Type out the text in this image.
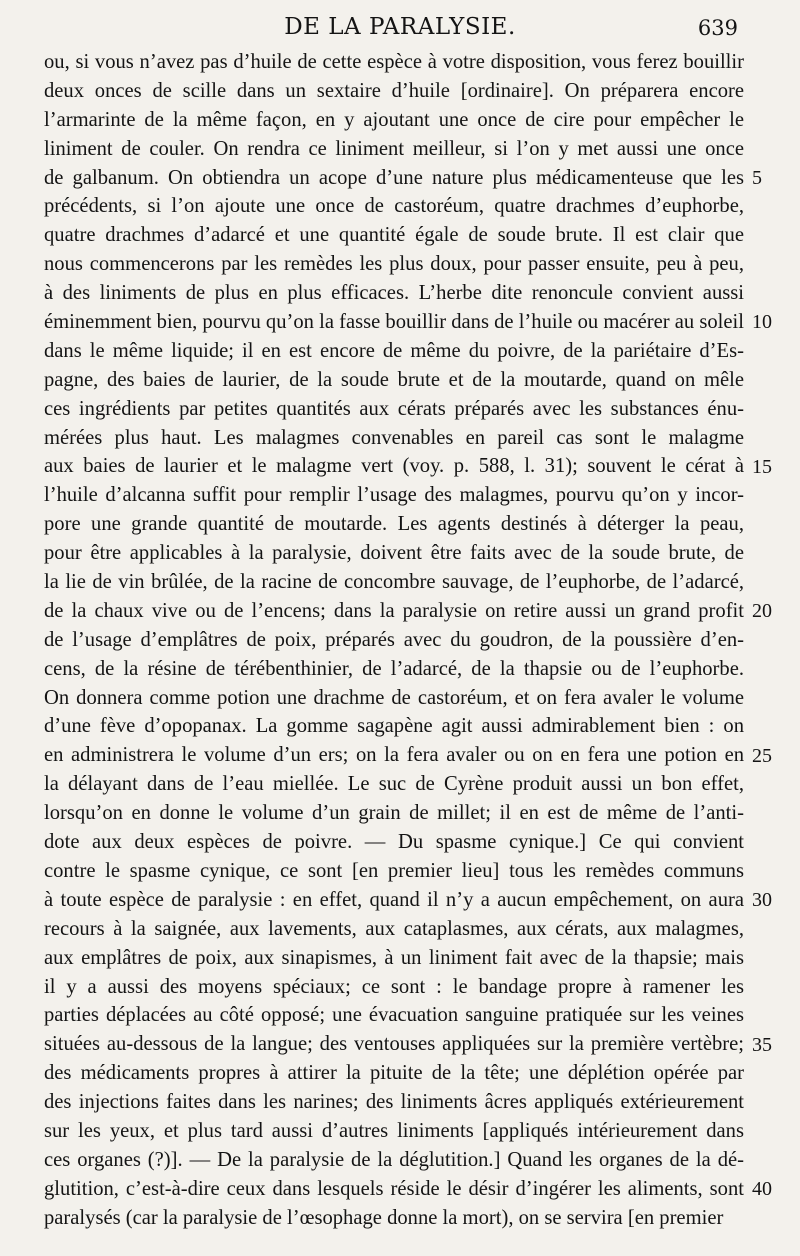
DE LA PARALYSIE.	639
ou, si vous n’avez pas d’huile de cette espèce à votre disposition, vous ferez bouillir
deux onces de scille dans un sextaire d’huile [ordinaire]. On préparera encore
l’armarinte de la même façon, en y ajoutant une once de cire pour empêcher le
liniment de couler. On rendra ce liniment meilleur, si l’on y met aussi une once
de galbanum. On obtiendra un acope d’une nature plus médicamenteuse que les
précédents, si l’on ajoute une once de castoréum, quatre drachmes d’euphorbe,
quatre drachmes d’adarcé et une quantité égale de soude brute. Il est clair que
nous commencerons par les remèdes les plus doux, pour passer ensuite, peu à peu,
à des liniments de plus en plus efficaces. L’herbe dite renoncule convient aussi
éminemment bien, pourvu qu’on la fasse bouillir dans de l’huile ou macérer au soleil
dans le même liquide; il en est encore de même du poivre, de la pariétaire d’Es-
pagne, des baies de laurier, de la soude brute et de la moutarde, quand on mêle
ces ingrédients par petites quantités aux cérats préparés avec les substances énu-
mérées plus haut. Les malagmes convenables en pareil cas sont le malagme
aux baies de laurier et le malagme vert (voy. p. 588, l. 31); souvent le cérat à
l’huile d’alcanna suffit pour remplir l’usage des malagmes, pourvu qu’on y incor-
pore une grande quantité de moutarde. Les agents destinés à déterger la peau,
pour être applicables à la paralysie, doivent être faits avec de la soude brute, de
la lie de vin brûlée, de la racine de concombre sauvage, de l’euphorbe, de l’adarcé,
de la chaux vive ou de l’encens; dans la paralysie on retire aussi un grand profit
de l’usage d’emplâtres de poix, préparés avec du goudron, de la poussière d’en-
cens, de la résine de térébenthinier, de l’adarcé, de la thapsie ou de l’euphorbe.
On donnera comme potion une drachme de castoréum, et on fera avaler le volume
d’une fève d’opopanax. La gomme sagapène agit aussi admirablement bien : on
en administrera le volume d’un ers; on la fera avaler ou on en fera une potion en
la délayant dans de l’eau miellée. Le suc de Cyrène produit aussi un bon effet,
lorsqu’on en donne le volume d’un grain de millet; il en est de même de l’anti-
dote aux deux espèces de poivre. — Du spasme cynique.] Ce qui convient
contre le spasme cynique, ce sont [en premier lieu] tous les remèdes communs
à toute espèce de paralysie : en effet, quand il n’y a aucun empêchement, on aura
recours à la saignée, aux lavements, aux cataplasmes, aux cérats, aux malagmes,
aux emplâtres de poix, aux sinapismes, à un liniment fait avec de la thapsie; mais
il y a aussi des moyens spéciaux; ce sont : le bandage propre à ramener les
parties déplacées au côté opposé; une évacuation sanguine pratiquée sur les veines
situées au-dessous de la langue; des ventouses appliquées sur la première vertèbre;
des médicaments propres à attirer la pituite de la tête; une déplétion opérée par
des injections faites dans les narines; des liniments âcres appliqués extérieurement
sur les yeux, et plus tard aussi d’autres liniments [appliqués intérieurement dans
ces organes (?)]. — De la paralysie de la déglutition.] Quand les organes de la dé-
glutition, c’est-à-dire ceux dans lesquels réside le désir d’ingérer les aliments, sont
paralysés (car la paralysie de l’œsophage donne la mort), on se servira [en premier
5
10
15
20
25
30
35
40
